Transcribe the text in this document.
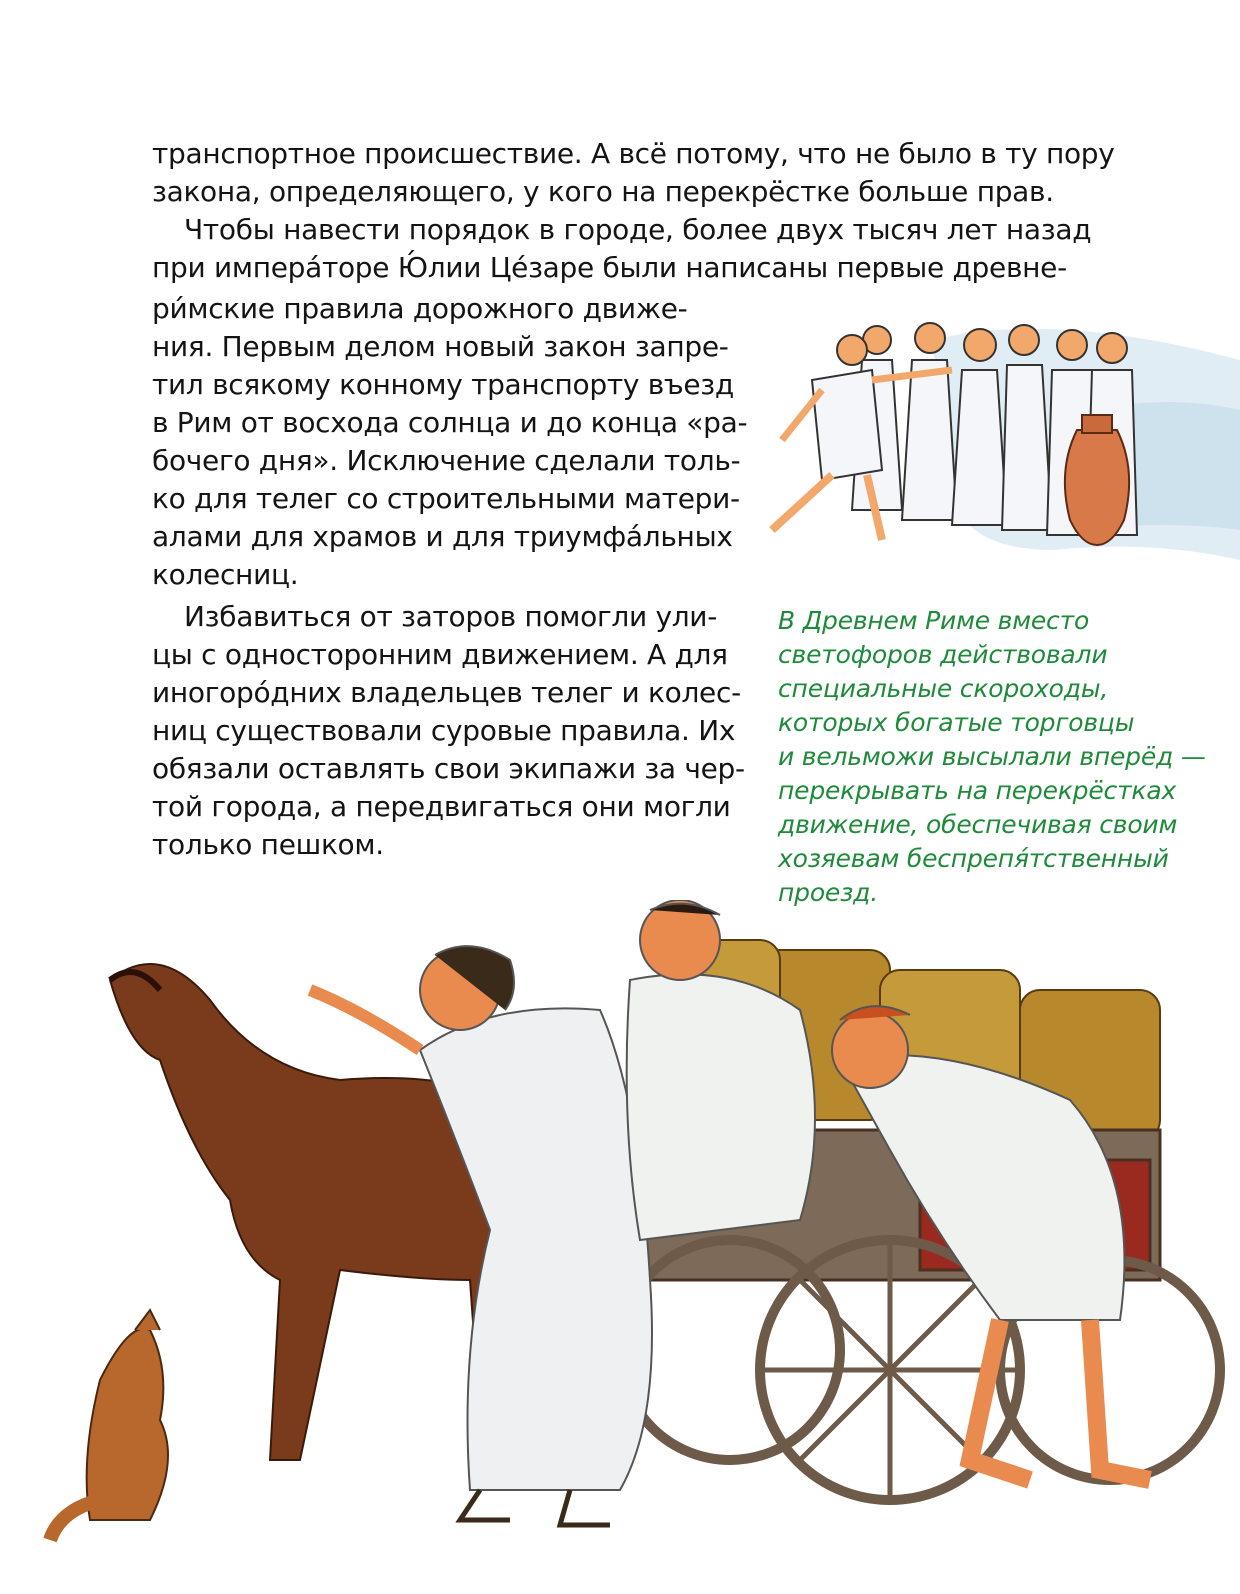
транспортное происшествие. А всё потому, что не было в ту пору
закона, определяющего, у кого на перекрёстке больше прав.
Чтобы навести порядок в городе, более двух тысяч лет назад
при импера́торе Ю́лии Це́заре были написаны первые древне-
ри́мские правила дорожного движе-
ния. Первым делом новый закон запре-
тил всякому конному транспорту въезд
в Рим от восхода солнца и до конца «ра-
бочего дня». Исключение сделали толь-
ко для телег со строительными матери-
алами для храмов и для триумфа́льных
колесниц.
Избавиться от заторов помогли ули-
цы с односторонним движением. А для
иногоро́дних владельцев телег и колес-
ниц существовали суровые правила. Их
обязали оставлять свои экипажи за чер-
той города, а передвигаться они могли
только пешком.
В Древнем Риме вместо
светофоров действовали
специальные скороходы,
которых богатые торговцы
и вельможи высылали вперёд —
перекрывать на перекрёстках
движение, обеспечивая своим
хозяевам беспрепя́тственный
проезд.
